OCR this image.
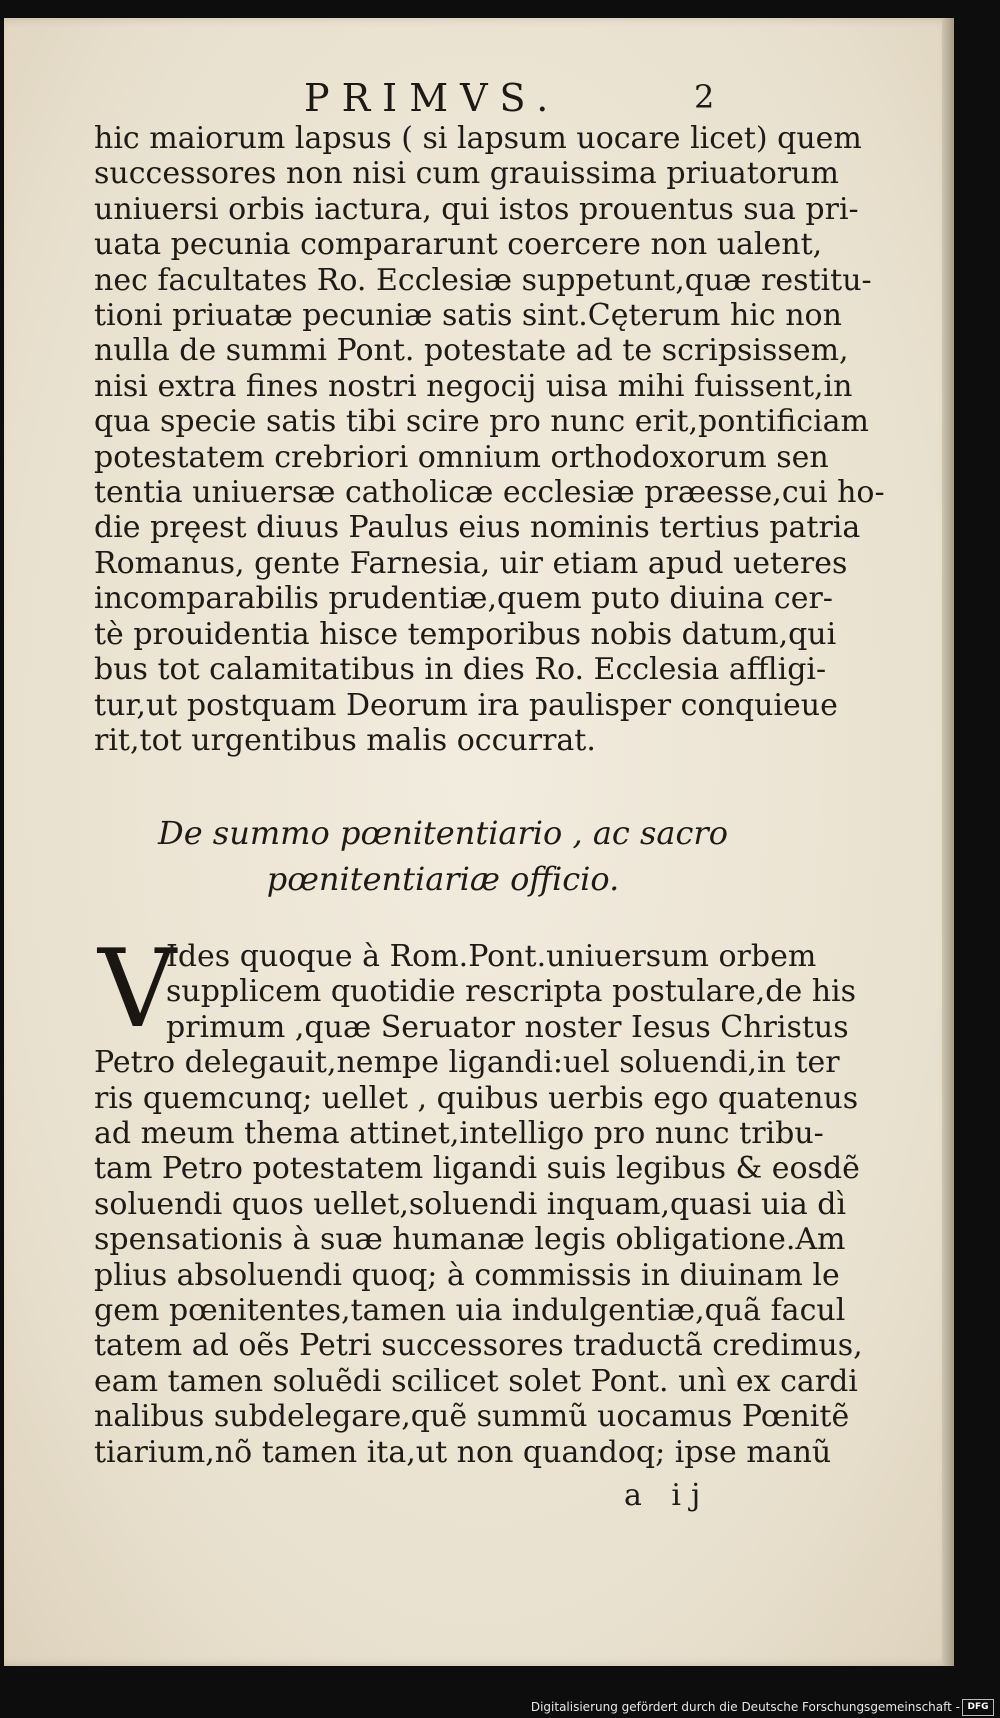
PRIMVS.	2
hic maiorum lapsus ( si lapsum uocare licet) quem
successores non nisi cum grauissima priuatorum
uniuersi orbis iactura, qui istos prouentus sua pri-
uata pecunia compararunt coercere non ualent,
nec facultates Ro. Ecclesiæ suppetunt,quæ restitu-
tioni priuatæ pecuniæ satis sint.Cęterum hic non
nulla de summi Pont. potestate ad te scripsissem,
nisi extra fines nostri negocij uisa mihi fuissent,in
qua specie satis tibi scire pro nunc erit,pontificiam
potestatem crebriori omnium orthodoxorum sen
tentia uniuersæ catholicæ ecclesiæ præesse,cui ho-
die pręest diuus Paulus eius nominis tertius patria
Romanus, gente Farnesia, uir etiam apud ueteres
incomparabilis prudentiæ,quem puto diuina cer-
tè prouidentia hisce temporibus nobis datum,qui
bus tot calamitatibus in dies Ro. Ecclesia affligi-
tur,ut postquam Deorum ira paulisper conquieue
rit,tot urgentibus malis occurrat.
De summo pœnitentiario , ac sacro
pœnitentiariæ officio.
V
Ides quoque à Rom.Pont.uniuersum orbem
supplicem quotidie rescripta postulare,de his
primum ,quæ Seruator noster Iesus Christus
Petro delegauit,nempe ligandi:uel soluendi,in ter
ris quemcunq; uellet , quibus uerbis ego quatenus
ad meum thema attinet,intelligo pro nunc tribu-
tam Petro potestatem ligandi suis legibus & eosdẽ
soluendi quos uellet,soluendi inquam,quasi uia dì
spensationis à suæ humanæ legis obligatione.Am
plius absoluendi quoq; à commissis in diuinam le
gem pœnitentes,tamen uia indulgentiæ,quã facul
tatem ad oẽs Petri successores traductã credimus,
eam tamen soluẽdi scilicet solet Pont. unì ex cardi
nalibus subdelegare,quẽ summũ uocamus Pœnitẽ
tiarium,nõ tamen ita,ut non quandoq; ipse manũ
a ij
Digitalisierung gefördert durch die Deutsche Forschungsgemeinschaft - DFG
